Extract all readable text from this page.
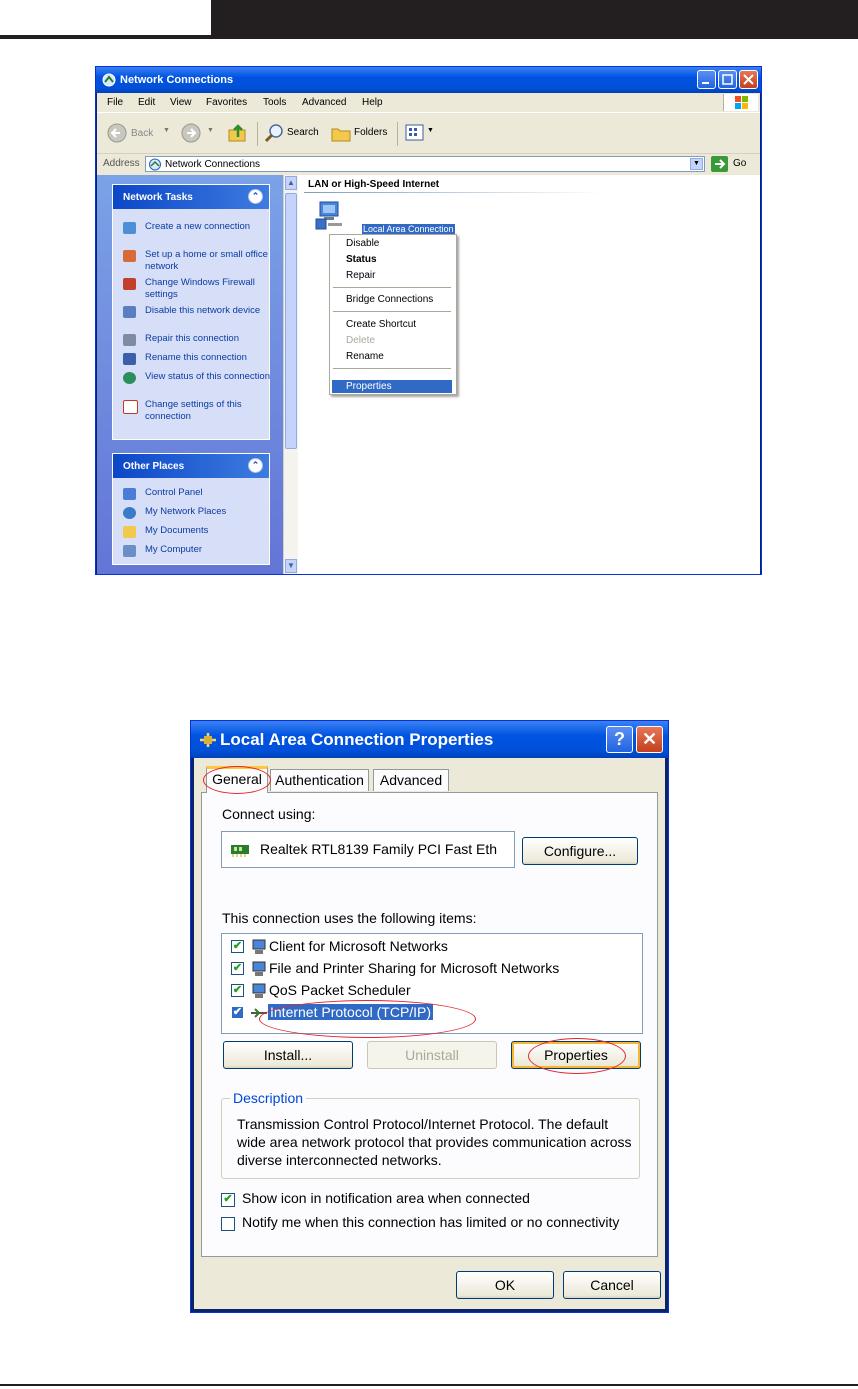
Network Connections
File Edit View Favorites Tools Advanced Help
Back ▼	▼	Search	Folders	▼
Address	Network Connections	▼	Go
Network Tasks	⌃
Create a new connection
Set up a home or small office network
Change Windows Firewall settings
Disable this network device
Repair this connection
Rename this connection
View status of this connection
Change settings of this connection
Other Places	⌃
Control Panel
My Network Places
My Documents
My Computer
▲
▼
LAN or High-Speed Internet
Local Area Connection
Disable
Status
Repair
Bridge Connections
Create Shortcut
Delete
Rename
Properties
Local Area Connection Properties	? ✕
General Authentication	Advanced
Connect using:
Realtek RTL8139 Family PCI Fast Eth	Configure...
This connection uses the following items:
✔ Client for Microsoft Networks
✔ File and Printer Sharing for Microsoft Networks
✔ QoS Packet Scheduler
✔ Internet Protocol (TCP/IP)
Install...	Uninstall	Properties
Description
Transmission Control Protocol/Internet Protocol. The default wide area network protocol that provides communication across diverse interconnected networks.
✔ Show icon in notification area when connected
Notify me when this connection has limited or no connectivity
OK	Cancel
